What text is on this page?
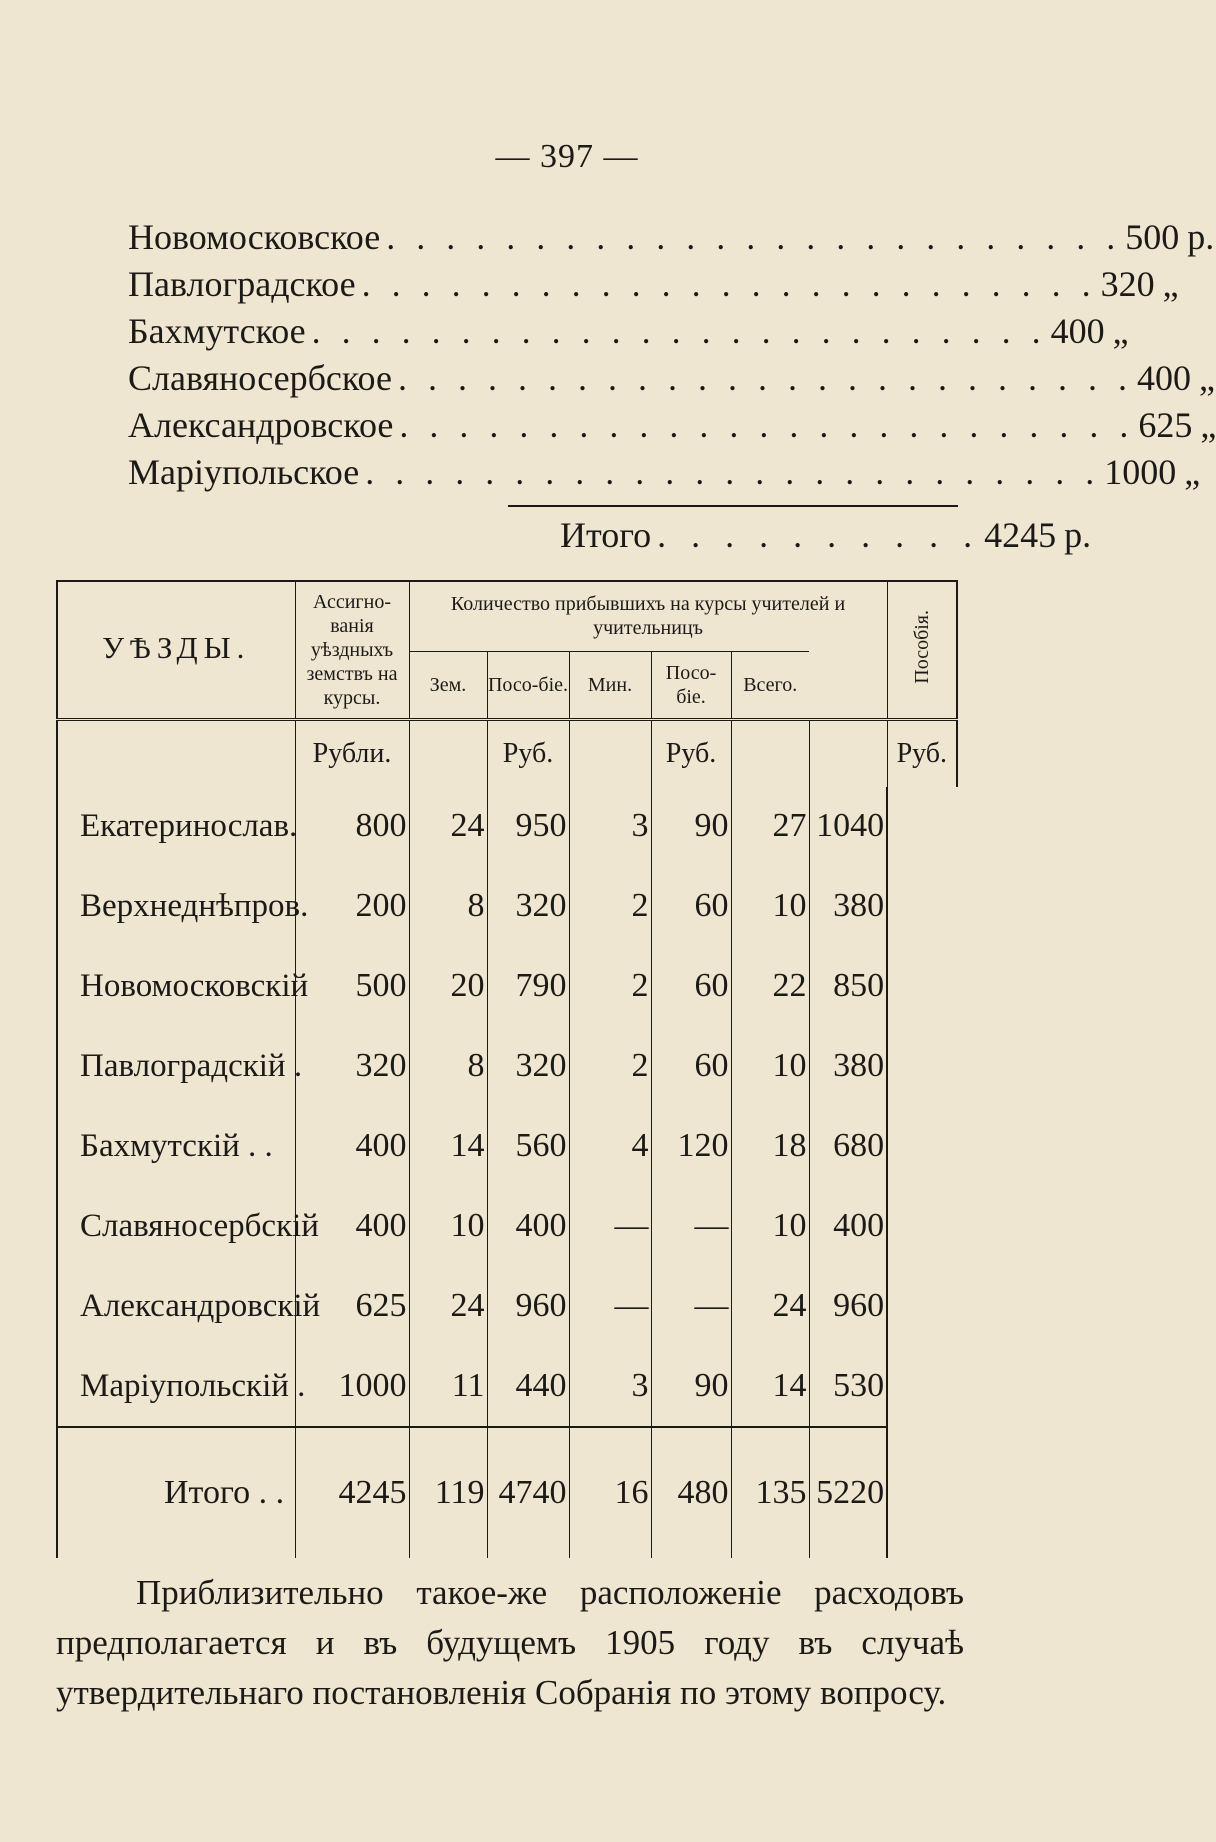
— 397 —
Новомосковское . . . . . . . . . . . . . . . . . . . . . . . . . 500 р.
Павлоградское . . . . . . . . . . . . . . . . . . . . . . . . . 320 „
Бахмутское . . . . . . . . . . . . . . . . . . . . . . . . . 400 „
Славяносербское . . . . . . . . . . . . . . . . . . . . . . . . . 400 „
Александровское . . . . . . . . . . . . . . . . . . . . . . . . . 625 „
Маріупольское . . . . . . . . . . . . . . . . . . . . . . . . . 1000 „
Итого . . . . . . . . . . 4245 р.
УѢЗДЫ.	Ассигно-ванія уѣздныхъ земствъ на курсы.	Количество прибывшихъ на курсы учителей и учительницъ						Пособія.
		Зем.	Посо-біе.	Мин.	Посо-біе.	Всего.		
	Рубли.		Руб.		Руб.			Руб.
Екатеринослав.	800	24	950	3	90	27	1040	
Верхнеднѣпров.	200	8	320	2	60	10	380	
Новомосковскій	500	20	790	2	60	22	850	
Павлоградскій .	320	8	320	2	60	10	380	
Бахмутскій . .	400	14	560	4	120	18	680	
Славяносербскій	400	10	400	—	—	10	400	
Александровскій	625	24	960	—	—	24	960	
Маріупольскій .	1000	11	440	3	90	14	530	
Итого . .	4245	119	4740	16	480	135	5220	

Приблизительно такое-же расположеніе расходовъ предполагается и въ будущемъ 1905 году въ случаѣ утвердительнаго постановленія Собранія по этому вопросу.
